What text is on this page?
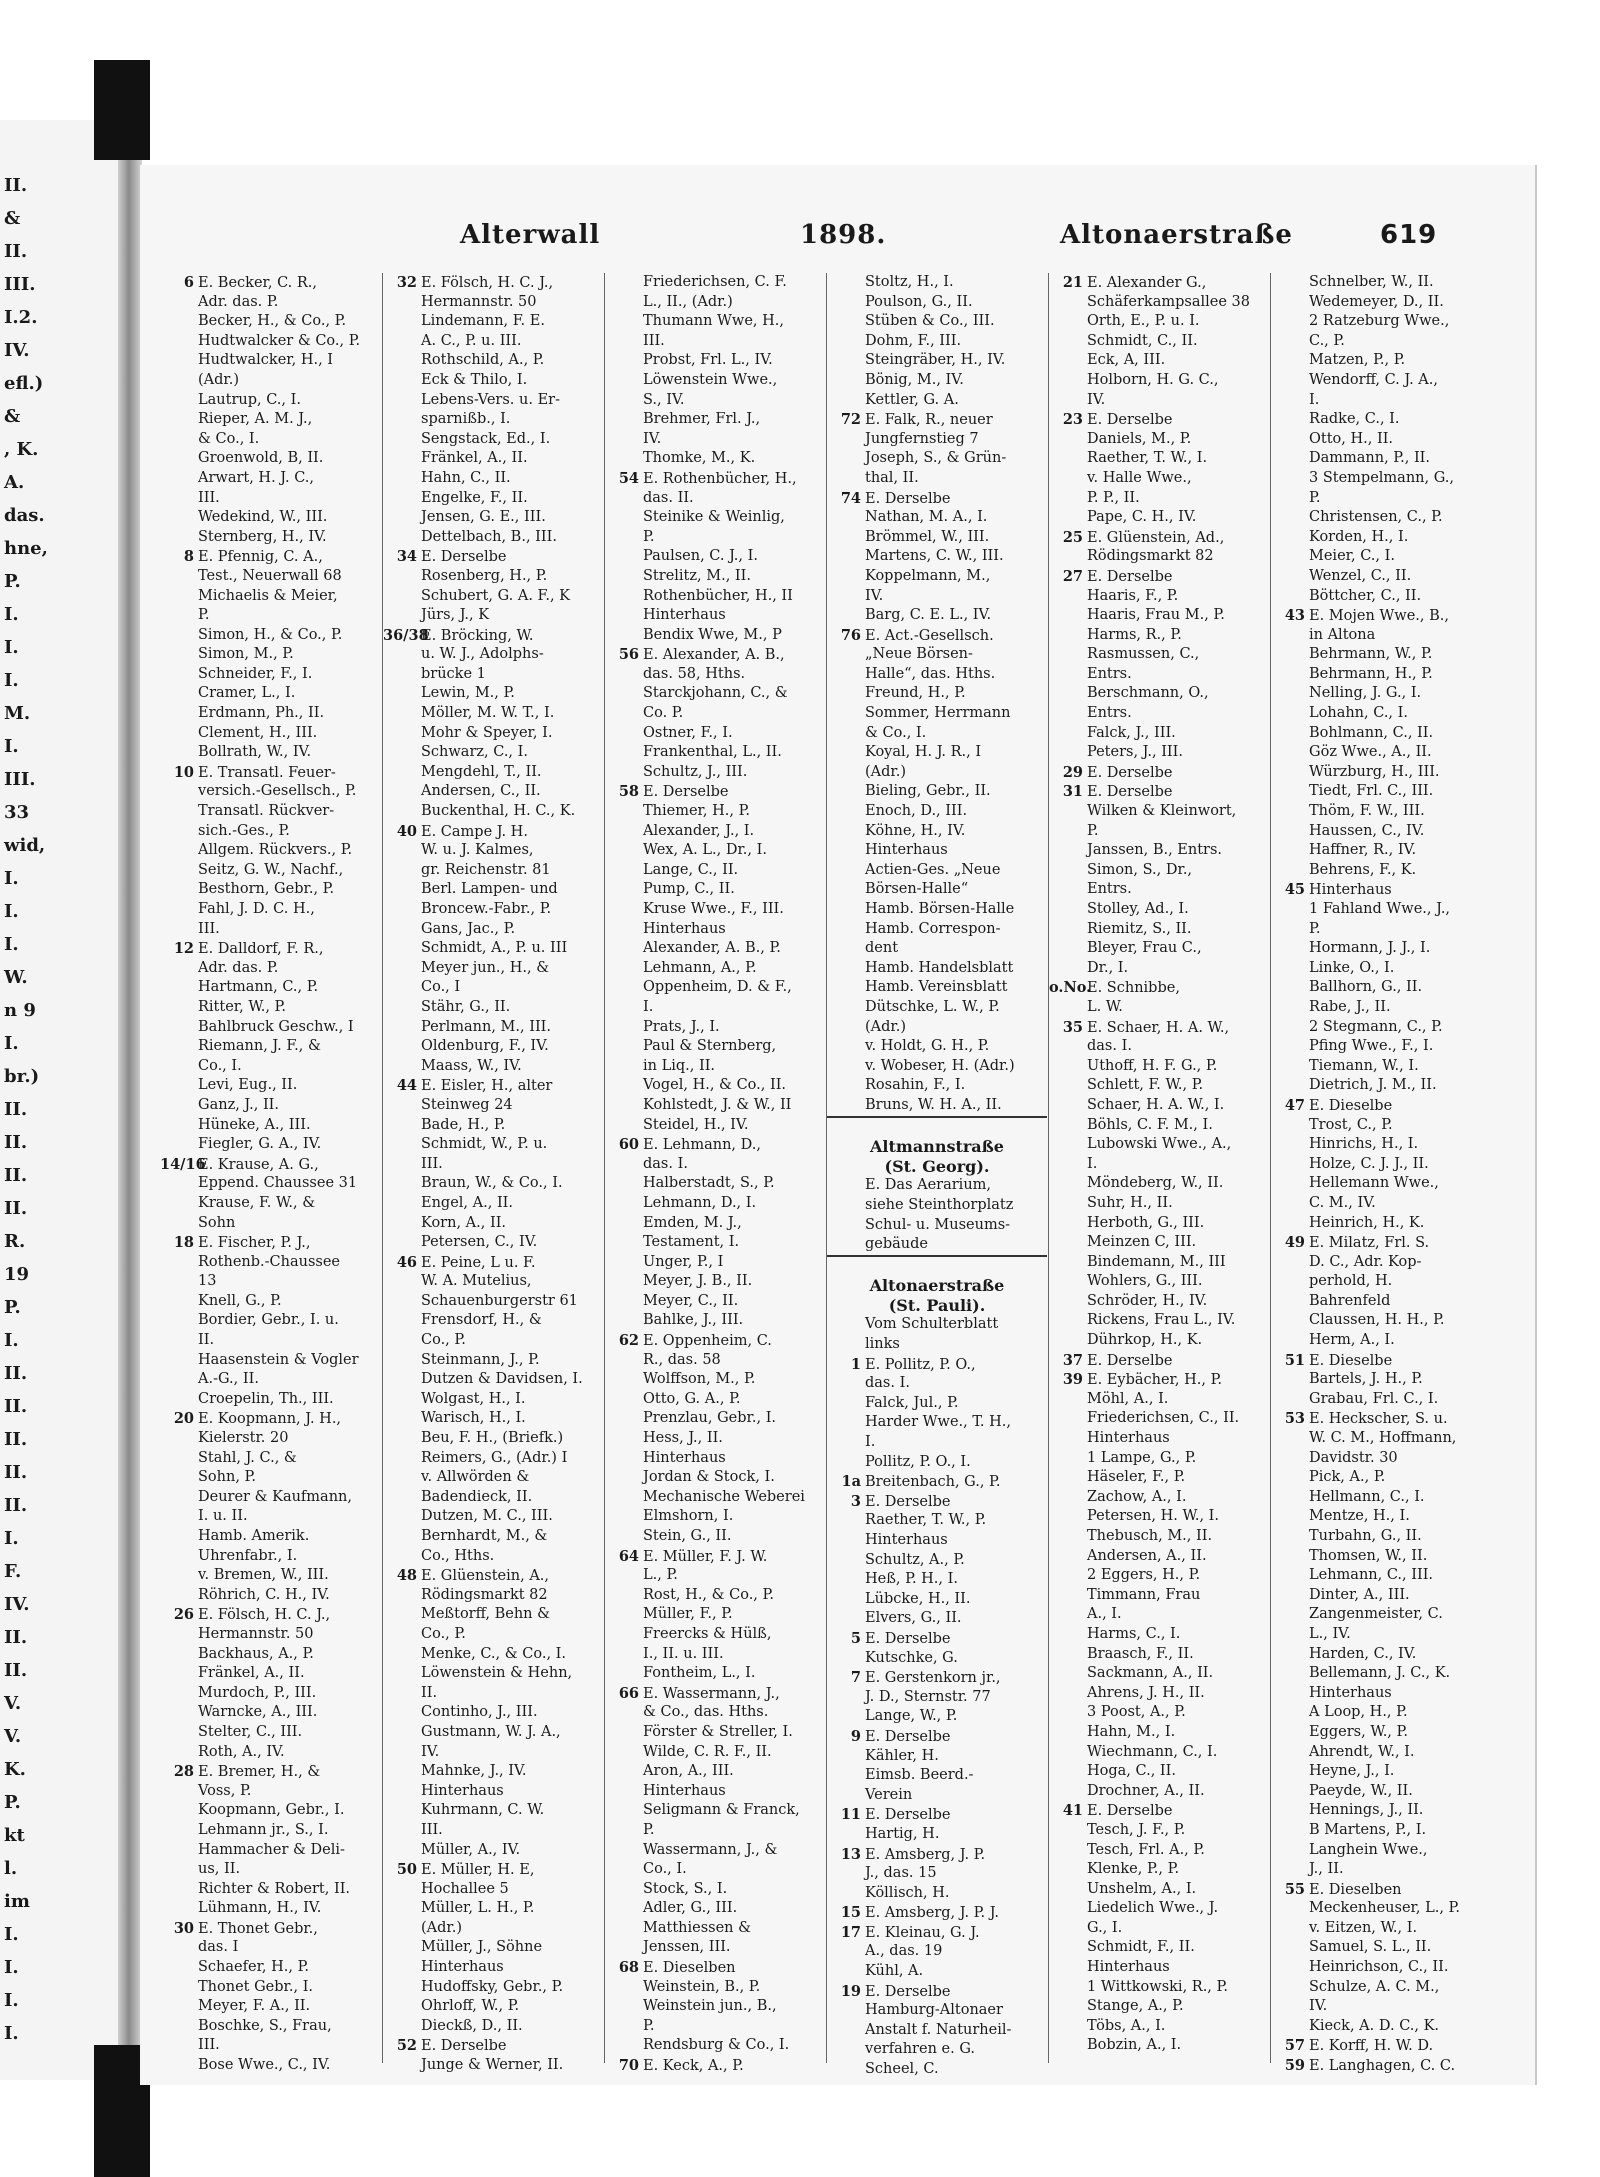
II.
&
II.
III.
I.2.
IV.
efl.)
&
, K.
A.
das.
hne,
P.
I.
I.
I.
M.
I.
III.
33
wid,
I.
I.
I.
W.
n 9
I.
br.)
II.
II.
II.
II.
R.
19
P.
I.
II.
II.
II.
II.
II.
I.
F.
IV.
II.
II.
V.
V.
K.
P.
kt
l.
im
I.
I.
I.
I.
Alterwall	1898.	Altonaerstraße	619
6 E. Becker, C. R.,
Adr. das. P.
Becker, H., & Co., P.
Hudtwalcker & Co., P.
Hudtwalcker, H., I
(Adr.)
Lautrup, C., I.
Rieper, A. M. J.,
& Co., I.
Groenwold, B, II.
Arwart, H. J. C.,
III.
Wedekind, W., III.
Sternberg, H., IV.
8 E. Pfennig, C. A.,
Test., Neuerwall 68
Michaelis & Meier,
P.
Simon, H., & Co., P.
Simon, M., P.
Schneider, F., I.
Cramer, L., I.
Erdmann, Ph., II.
Clement, H., III.
Bollrath, W., IV.
10 E. Transatl. Feuer-
versich.-Gesellsch., P.
Transatl. Rückver-
sich.-Ges., P.
Allgem. Rückvers., P.
Seitz, G. W., Nachf.,
Besthorn, Gebr., P.
Fahl, J. D. C. H.,
III.
12 E. Dalldorf, F. R.,
Adr. das. P.
Hartmann, C., P.
Ritter, W., P.
Bahlbruck Geschw., I
Riemann, J. F., &
Co., I.
Levi, Eug., II.
Ganz, J., II.
Hüneke, A., III.
Fiegler, G. A., IV.
14/16E. Krause, A. G.,
Eppend. Chaussee 31
Krause, F. W., &
Sohn
18 E. Fischer, P. J.,
Rothenb.-Chaussee
13
Knell, G., P.
Bordier, Gebr., I. u.
II.
Haasenstein & Vogler
A.-G., II.
Croepelin, Th., III.
20 E. Koopmann, J. H.,
Kielerstr. 20
Stahl, J. C., &
Sohn, P.
Deurer & Kaufmann,
I. u. II.
Hamb. Amerik.
Uhrenfabr., I.
v. Bremen, W., III.
Röhrich, C. H., IV.
26 E. Fölsch, H. C. J.,
Hermannstr. 50
Backhaus, A., P.
Fränkel, A., II.
Murdoch, P., III.
Warncke, A., III.
Stelter, C., III.
Roth, A., IV.
28 E. Bremer, H., &
Voss, P.
Koopmann, Gebr., I.
Lehmann jr., S., I.
Hammacher & Deli-
us, II.
Richter & Robert, II.
Lühmann, H., IV.
30 E. Thonet Gebr.,
das. I
Schaefer, H., P.
Thonet Gebr., I.
Meyer, F. A., II.
Boschke, S., Frau,
III.
Bose Wwe., C., IV.
32 E. Fölsch, H. C. J.,
Hermannstr. 50
Lindemann, F. E.
A. C., P. u. III.
Rothschild, A., P.
Eck & Thilo, I.
Lebens-Vers. u. Er-
sparnißb., I.
Sengstack, Ed., I.
Fränkel, A., II.
Hahn, C., II.
Engelke, F., II.
Jensen, G. E., III.
Dettelbach, B., III.
34 E. Derselbe
Rosenberg, H., P.
Schubert, G. A. F., K
Jürs, J., K
36/38E. Bröcking, W.
u. W. J., Adolphs-
brücke 1
Lewin, M., P.
Möller, M. W. T., I.
Mohr & Speyer, I.
Schwarz, C., I.
Mengdehl, T., II.
Andersen, C., II.
Buckenthal, H. C., K.
40 E. Campe J. H.
W. u. J. Kalmes,
gr. Reichenstr. 81
Berl. Lampen- und
Broncew.-Fabr., P.
Gans, Jac., P.
Schmidt, A., P. u. III
Meyer jun., H., &
Co., I
Stähr, G., II.
Perlmann, M., III.
Oldenburg, F., IV.
Maass, W., IV.
44 E. Eisler, H., alter
Steinweg 24
Bade, H., P.
Schmidt, W., P. u.
III.
Braun, W., & Co., I.
Engel, A., II.
Korn, A., II.
Petersen, C., IV.
46 E. Peine, L u. F.
W. A. Mutelius,
Schauenburgerstr 61
Frensdorf, H., &
Co., P.
Steinmann, J., P.
Dutzen & Davidsen, I.
Wolgast, H., I.
Warisch, H., I.
Beu, F. H., (Briefk.)
Reimers, G., (Adr.) I
v. Allwörden &
Badendieck, II.
Dutzen, M. C., III.
Bernhardt, M., &
Co., Hths.
48 E. Glüenstein, A.,
Rödingsmarkt 82
Meßtorff, Behn &
Co., P.
Menke, C., & Co., I.
Löwenstein & Hehn,
II.
Continho, J., III.
Gustmann, W. J. A.,
IV.
Mahnke, J., IV.
Hinterhaus
Kuhrmann, C. W.
III.
Müller, A., IV.
50 E. Müller, H. E,
Hochallee 5
Müller, L. H., P.
(Adr.)
Müller, J., Söhne
Hinterhaus
Hudoffsky, Gebr., P.
Ohrloff, W., P.
Dieckß, D., II.
52 E. Derselbe
Junge & Werner, II.
Friederichsen, C. F.
L., II., (Adr.)
Thumann Wwe, H.,
III.
Probst, Frl. L., IV.
Löwenstein Wwe.,
S., IV.
Brehmer, Frl. J.,
IV.
Thomke, M., K.
54 E. Rothenbücher, H.,
das. II.
Steinike & Weinlig,
P.
Paulsen, C. J., I.
Strelitz, M., II.
Rothenbücher, H., II
Hinterhaus
Bendix Wwe, M., P
56 E. Alexander, A. B.,
das. 58, Hths.
Starckjohann, C., &
Co. P.
Ostner, F., I.
Frankenthal, L., II.
Schultz, J., III.
58 E. Derselbe
Thiemer, H., P.
Alexander, J., I.
Wex, A. L., Dr., I.
Lange, C., II.
Pump, C., II.
Kruse Wwe., F., III.
Hinterhaus
Alexander, A. B., P.
Lehmann, A., P.
Oppenheim, D. & F.,
I.
Prats, J., I.
Paul & Sternberg,
in Liq., II.
Vogel, H., & Co., II.
Kohlstedt, J. & W., II
Steidel, H., IV.
60 E. Lehmann, D.,
das. I.
Halberstadt, S., P.
Lehmann, D., I.
Emden, M. J.,
Testament, I.
Unger, P., I
Meyer, J. B., II.
Meyer, C., II.
Bahlke, J., III.
62 E. Oppenheim, C.
R., das. 58
Wolffson, M., P.
Otto, G. A., P.
Prenzlau, Gebr., I.
Hess, J., II.
Hinterhaus
Jordan & Stock, I.
Mechanische Weberei
Elmshorn, I.
Stein, G., II.
64 E. Müller, F. J. W.
L., P.
Rost, H., & Co., P.
Müller, F., P.
Freercks & Hülß,
I., II. u. III.
Fontheim, L., I.
66 E. Wassermann, J.,
& Co., das. Hths.
Förster & Streller, I.
Wilde, C. R. F., II.
Aron, A., III.
Hinterhaus
Seligmann & Franck,
P.
Wassermann, J., &
Co., I.
Stock, S., I.
Adler, G., III.
Matthiessen &
Jenssen, III.
68 E. Dieselben
Weinstein, B., P.
Weinstein jun., B.,
P.
Rendsburg & Co., I.
70 E. Keck, A., P.
Stoltz, H., I.
Poulson, G., II.
Stüben & Co., III.
Dohm, F., III.
Steingräber, H., IV.
Bönig, M., IV.
Kettler, G. A.
72 E. Falk, R., neuer
Jungfernstieg 7
Joseph, S., & Grün-
thal, II.
74 E. Derselbe
Nathan, M. A., I.
Brömmel, W., III.
Martens, C. W., III.
Koppelmann, M.,
IV.
Barg, C. E. L., IV.
76 E. Act.-Gesellsch.
„Neue Börsen-
Halle“, das. Hths.
Freund, H., P.
Sommer, Herrmann
& Co., I.
Koyal, H. J. R., I
(Adr.)
Bieling, Gebr., II.
Enoch, D., III.
Köhne, H., IV.
Hinterhaus
Actien-Ges. „Neue
Börsen-Halle“
Hamb. Börsen-Halle
Hamb. Correspon-
dent
Hamb. Handelsblatt
Hamb. Vereinsblatt
Dütschke, L. W., P.
(Adr.)
v. Holdt, G. H., P.
v. Wobeser, H. (Adr.)
Rosahin, F., I.
Bruns, W. H. A., II.
Altmannstraße
(St. Georg).
E. Das Aerarium,
siehe Steinthorplatz
Schul- u. Museums-
gebäude
Altonaerstraße
(St. Pauli).
Vom Schulterblatt
links
1 E. Pollitz, P. O.,
das. I.
Falck, Jul., P.
Harder Wwe., T. H.,
I.
Pollitz, P. O., I.
1a Breitenbach, G., P.
3 E. Derselbe
Raether, T. W., P.
Hinterhaus
Schultz, A., P.
Heß, P. H., I.
Lübcke, H., II.
Elvers, G., II.
5 E. Derselbe
Kutschke, G.
7 E. Gerstenkorn jr.,
J. D., Sternstr. 77
Lange, W., P.
9 E. Derselbe
Kähler, H.
Eimsb. Beerd.-
Verein
11 E. Derselbe
Hartig, H.
13 E. Amsberg, J. P.
J., das. 15
Köllisch, H.
15 E. Amsberg, J. P. J.
17 E. Kleinau, G. J.
A., das. 19
Kühl, A.
19 E. Derselbe
Hamburg-Altonaer
Anstalt f. Naturheil-
verfahren e. G.
Scheel, C.
21 E. Alexander G.,
Schäferkampsallee 38
Orth, E., P. u. I.
Schmidt, C., II.
Eck, A, III.
Holborn, H. G. C.,
IV.
23 E. Derselbe
Daniels, M., P.
Raether, T. W., I.
v. Halle Wwe.,
P. P., II.
Pape, C. H., IV.
25 E. Glüenstein, Ad.,
Rödingsmarkt 82
27 E. Derselbe
Haaris, F., P.
Haaris, Frau M., P.
Harms, R., P.
Rasmussen, C.,
Entrs.
Berschmann, O.,
Entrs.
Falck, J., III.
Peters, J., III.
29 E. Derselbe
31 E. Derselbe
Wilken & Kleinwort,
P.
Janssen, B., Entrs.
Simon, S., Dr.,
Entrs.
Stolley, Ad., I.
Riemitz, S., II.
Bleyer, Frau C.,
Dr., I.
o.No.E. Schnibbe,
L. W.
35 E. Schaer, H. A. W.,
das. I.
Uthoff, H. F. G., P.
Schlett, F. W., P.
Schaer, H. A. W., I.
Böhls, C. F. M., I.
Lubowski Wwe., A.,
I.
Möndeberg, W., II.
Suhr, H., II.
Herboth, G., III.
Meinzen C, III.
Bindemann, M., III
Wohlers, G., III.
Schröder, H., IV.
Rickens, Frau L., IV.
Dührkop, H., K.
37 E. Derselbe
39 E. Eybächer, H., P.
Möhl, A., I.
Friederichsen, C., II.
Hinterhaus
1 Lampe, G., P.
Häseler, F., P.
Zachow, A., I.
Petersen, H. W., I.
Thebusch, M., II.
Andersen, A., II.
2 Eggers, H., P.
Timmann, Frau
A., I.
Harms, C., I.
Braasch, F., II.
Sackmann, A., II.
Ahrens, J. H., II.
3 Poost, A., P.
Hahn, M., I.
Wiechmann, C., I.
Hoga, C., II.
Drochner, A., II.
41 E. Derselbe
Tesch, J. F., P.
Tesch, Frl. A., P.
Klenke, P., P.
Unshelm, A., I.
Liedelich Wwe., J.
G., I.
Schmidt, F., II.
Hinterhaus
1 Wittkowski, R., P.
Stange, A., P.
Töbs, A., I.
Bobzin, A., I.
Schnelber, W., II.
Wedemeyer, D., II.
2 Ratzeburg Wwe.,
C., P.
Matzen, P., P.
Wendorff, C. J. A.,
I.
Radke, C., I.
Otto, H., II.
Dammann, P., II.
3 Stempelmann, G.,
P.
Christensen, C., P.
Korden, H., I.
Meier, C., I.
Wenzel, C., II.
Böttcher, C., II.
43 E. Mojen Wwe., B.,
in Altona
Behrmann, W., P.
Behrmann, H., P.
Nelling, J. G., I.
Lohahn, C., I.
Bohlmann, C., II.
Göz Wwe., A., II.
Würzburg, H., III.
Tiedt, Frl. C., III.
Thöm, F. W., III.
Haussen, C., IV.
Haffner, R., IV.
Behrens, F., K.
45 Hinterhaus
1 Fahland Wwe., J.,
P.
Hormann, J. J., I.
Linke, O., I.
Ballhorn, G., II.
Rabe, J., II.
2 Stegmann, C., P.
Pfing Wwe., F., I.
Tiemann, W., I.
Dietrich, J. M., II.
47 E. Dieselbe
Trost, C., P.
Hinrichs, H., I.
Holze, C. J. J., II.
Hellemann Wwe.,
C. M., IV.
Heinrich, H., K.
49 E. Milatz, Frl. S.
D. C., Adr. Kop-
perhold, H.
Bahrenfeld
Claussen, H. H., P.
Herm, A., I.
51 E. Dieselbe
Bartels, J. H., P.
Grabau, Frl. C., I.
53 E. Heckscher, S. u.
W. C. M., Hoffmann,
Davidstr. 30
Pick, A., P.
Hellmann, C., I.
Mentze, H., I.
Turbahn, G., II.
Thomsen, W., II.
Lehmann, C., III.
Dinter, A., III.
Zangenmeister, C.
L., IV.
Harden, C., IV.
Bellemann, J. C., K.
Hinterhaus
A Loop, H., P.
Eggers, W., P.
Ahrendt, W., I.
Heyne, J., I.
Paeyde, W., II.
Hennings, J., II.
B Martens, P., I.
Langhein Wwe.,
J., II.
55 E. Dieselben
Meckenheuser, L., P.
v. Eitzen, W., I.
Samuel, S. L., II.
Heinrichson, C., II.
Schulze, A. C. M.,
IV.
Kieck, A. D. C., K.
57 E. Korff, H. W. D.
59 E. Langhagen, C. C.
